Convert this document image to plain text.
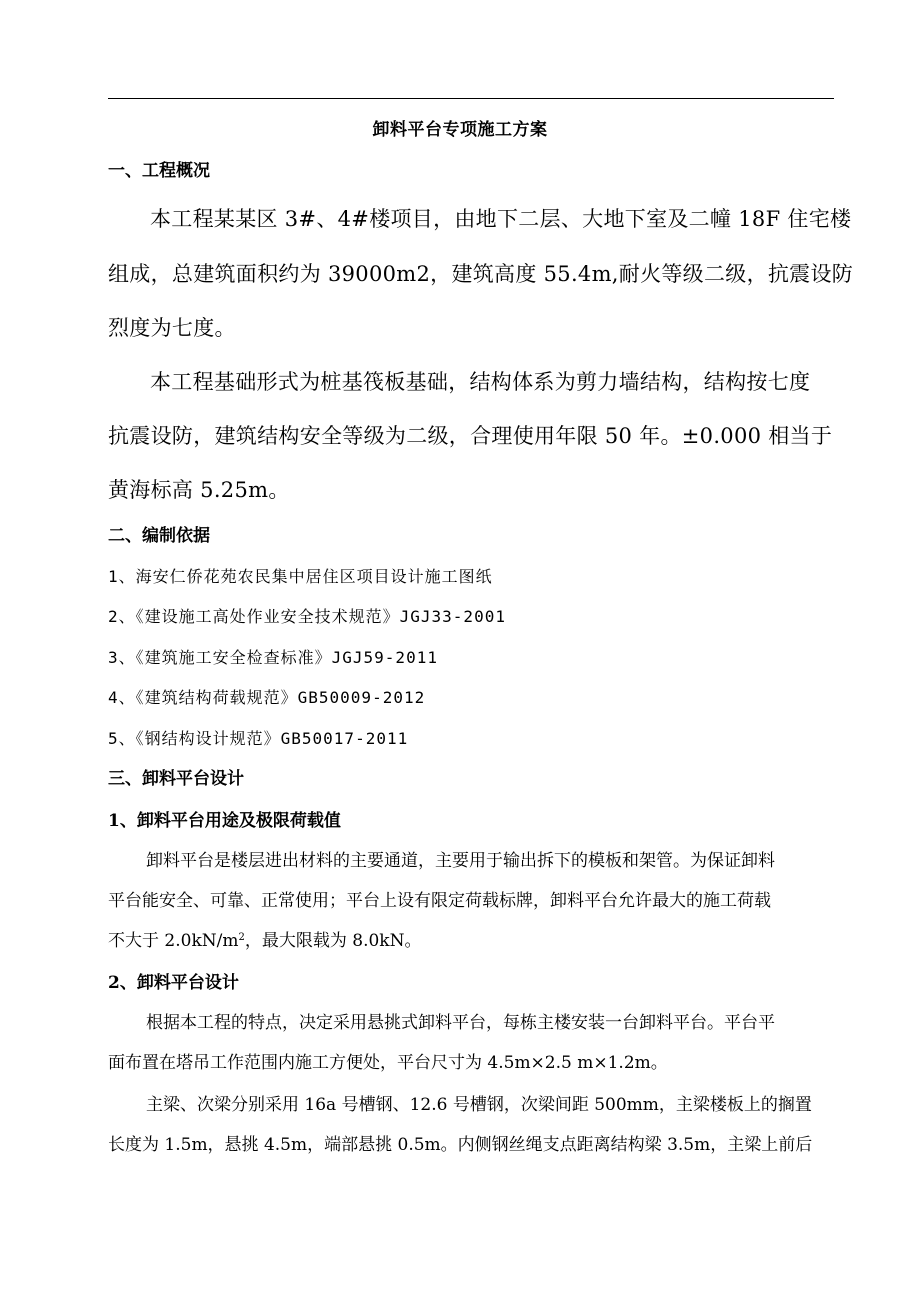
卸料平台专项施工方案
一、工程概况
本工程某某区 3#、4#楼项目，由地下二层、大地下室及二幢 18F 住宅楼
组成，总建筑面积约为 39000m2，建筑高度 55.4m,耐火等级二级，抗震设防
烈度为七度。
本工程基础形式为桩基筏板基础，结构体系为剪力墙结构，结构按七度
抗震设防，建筑结构安全等级为二级，合理使用年限 50 年。±0.000 相当于
黄海标高 5.25m。
二、编制依据
1、海安仁侨花苑农民集中居住区项目设计施工图纸
2、《建设施工高处作业安全技术规范》JGJ33-2001
3、《建筑施工安全检查标准》JGJ59-2011
4、《建筑结构荷载规范》GB50009-2012
5、《钢结构设计规范》GB50017-2011
三、卸料平台设计
1、卸料平台用途及极限荷载值
卸料平台是楼层进出材料的主要通道，主要用于输出拆下的模板和架管。为保证卸料
平台能安全、可靠、正常使用；平台上设有限定荷载标牌，卸料平台允许最大的施工荷载
不大于 $2.0kN/m^2$，最大限载为 8.0kN。
2、卸料平台设计
根据本工程的特点，决定采用悬挑式卸料平台，每栋主楼安装一台卸料平台。平台平
面布置在塔吊工作范围内施工方便处，平台尺寸为 4.5m×2.5 m×1.2m。
主梁、次梁分别采用 16a 号槽钢、12.6 号槽钢，次梁间距 500mm，主梁楼板上的搁置
长度为 1.5m，悬挑 4.5m，端部悬挑 0.5m。内侧钢丝绳支点距离结构梁 3.5m，主梁上前后
